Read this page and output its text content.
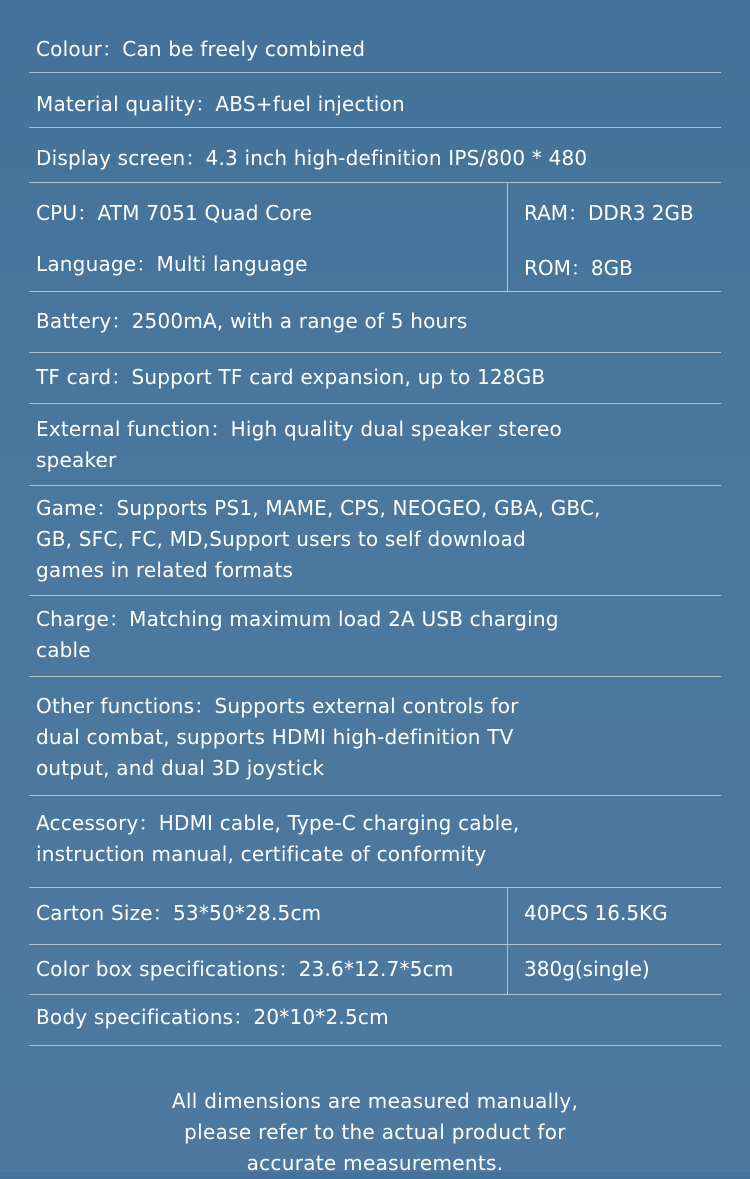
Colour：Can be freely combined
Material quality：ABS+fuel injection
Display screen：4.3 inch high-definition IPS/800 * 480
CPU：ATM 7051 Quad Core	RAM：DDR3 2GB
Language：Multi language	ROM：8GB
Battery：2500mA, with a range of 5 hours
TF card：Support TF card expansion, up to 128GB
External function：High quality dual speaker stereo
speaker
Game：Supports PS1, MAME, CPS, NEOGEO, GBA, GBC,
GB, SFC, FC, MD,Support users to self download
games in related formats
Charge：Matching maximum load 2A USB charging
cable
Other functions：Supports external controls for
dual combat, supports HDMI high-definition TV
output, and dual 3D joystick
Accessory：HDMI cable, Type-C charging cable,
instruction manual, certificate of conformity
Carton Size：53*50*28.5cm	40PCS 16.5KG
Color box specifications：23.6*12.7*5cm	380g(single)
Body specifications：20*10*2.5cm
All dimensions are measured manually,
please refer to the actual product for
accurate measurements.
